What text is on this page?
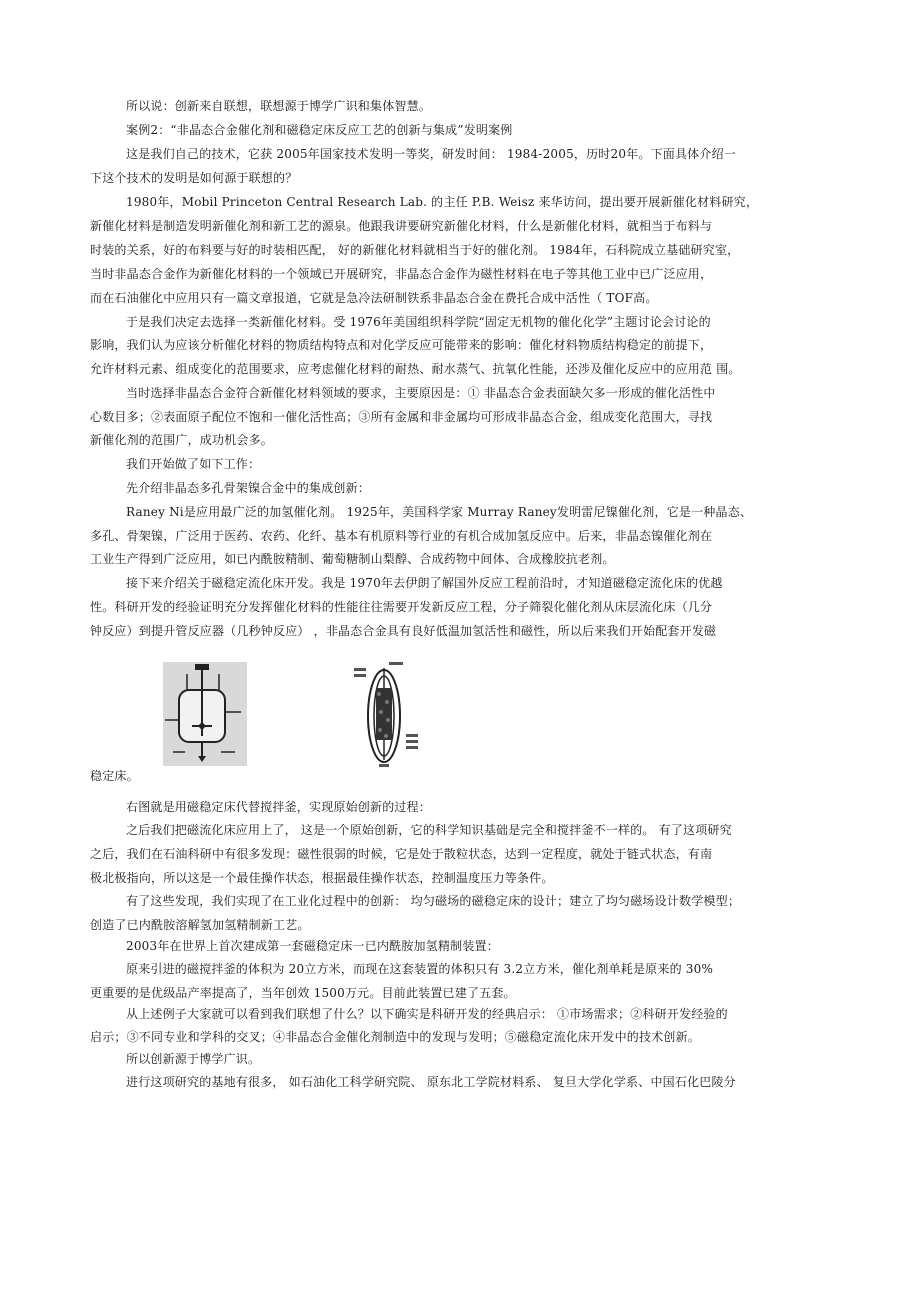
所以说：创新来自联想，联想源于博学广识和集体智慧。
案例2：“非晶态合金催化剂和磁稳定床反应工艺的创新与集成”发明案例
这是我们自己的技术，它获 2005年国家技术发明一等奖，研发时间： 1984-2005，历时20年。下面具体介绍一
下这个技术的发明是如何源于联想的？
1980年，Mobil Princeton Central Research Lab. 的主任 P.B. Weisz 来华访问，提出要开展新催化材料研究，
新催化材料是制造发明新催化剂和新工艺的源泉。他跟我讲要研究新催化材料，什么是新催化材料，就相当于布料与
时装的关系，好的布料要与好的时装相匹配， 好的新催化材料就相当于好的催化剂。 1984年，石科院成立基础研究室，
当时非晶态合金作为新催化材料的一个领域已开展研究，非晶态合金作为磁性材料在电子等其他工业中已广泛应用，
而在石油催化中应用只有一篇文章报道，它就是急冷法研制铁系非晶态合金在费托合成中活性（ TOF高。
于是我们决定去选择一类新催化材料。受 1976年美国组织科学院“固定无机物的催化化学”主题讨论会讨论的
影响，我们认为应该分析催化材料的物质结构特点和对化学反应可能带来的影响：催化材料物质结构稳定的前提下，
允许材料元素、组成变化的范围要求，应考虑催化材料的耐热、耐水蒸气、抗氧化性能，还涉及催化反应中的应用范 围。
当时选择非晶态合金符合新催化材料领域的要求，主要原因是：① 非晶态合金表面缺欠多一形成的催化活性中
心数目多；②表面原子配位不饱和一催化活性高；③所有金属和非金属均可形成非晶态合金，组成变化范围大，寻找
新催化剂的范围广，成功机会多。
我们开始做了如下工作：
先介绍非晶态多孔骨架镍合金中的集成创新：
Raney Ni是应用最广泛的加氢催化剂。 1925年，美国科学家 Murray Raney发明雷尼镍催化剂，它是一种晶态、
多孔、骨架镍，广泛用于医药、农药、化纤、基本有机原料等行业的有机合成加氢反应中。后来，非晶态镍催化剂在
工业生产得到广泛应用，如已内酰胺精制、葡萄糖制山梨醇、合成药物中间体、合成橡胶抗老剂。
接下来介绍关于磁稳定流化床开发。我是 1970年去伊朗了解国外反应工程前沿时，才知道磁稳定流化床的优越
性。科研开发的经验证明充分发挥催化材料的性能往往需要开发新反应工程，分子筛裂化催化剂从床层流化床（几分
钟反应）到提升管反应器（几秒钟反应） ，非晶态合金具有良好低温加氢活性和磁性，所以后来我们开始配套开发磁
稳定床。
右图就是用磁稳定床代替搅拌釜，实现原始创新的过程：
之后我们把磁流化床应用上了， 这是一个原始创新，它的科学知识基础是完全和搅拌釜不一样的。 有了这项研究
之后，我们在石油科研中有很多发现：磁性很弱的时候，它是处于散粒状态，达到一定程度，就处于链式状态，有南
极北极指向，所以这是一个最佳操作状态，根据最佳操作状态，控制温度压力等条件。
有了这些发现，我们实现了在工业化过程中的创新： 均匀磁场的磁稳定床的设计；建立了均匀磁场设计数学模型；
创造了已内酰胺溶解氢加氢精制新工艺。
2003年在世界上首次建成第一套磁稳定床一已内酰胺加氢精制装置：
原来引进的磁搅拌釜的体积为 20立方米，而现在这套装置的体积只有 3.2立方米，催化剂单耗是原来的 30%
更重要的是优级品产率提高了，当年创效 1500万元。目前此装置已建了五套。
从上述例子大家就可以看到我们联想了什么？以下确实是科研开发的经典启示： ①市场需求；②科研开发经验的
启示；③不同专业和学科的交叉；④非晶态合金催化剂制造中的发现与发明；⑤磁稳定流化床开发中的技术创新。
所以创新源于博学广识。
进行这项研究的基地有很多， 如石油化工科学研究院、 原东北工学院材料系、 复旦大学化学系、中国石化巴陵分
